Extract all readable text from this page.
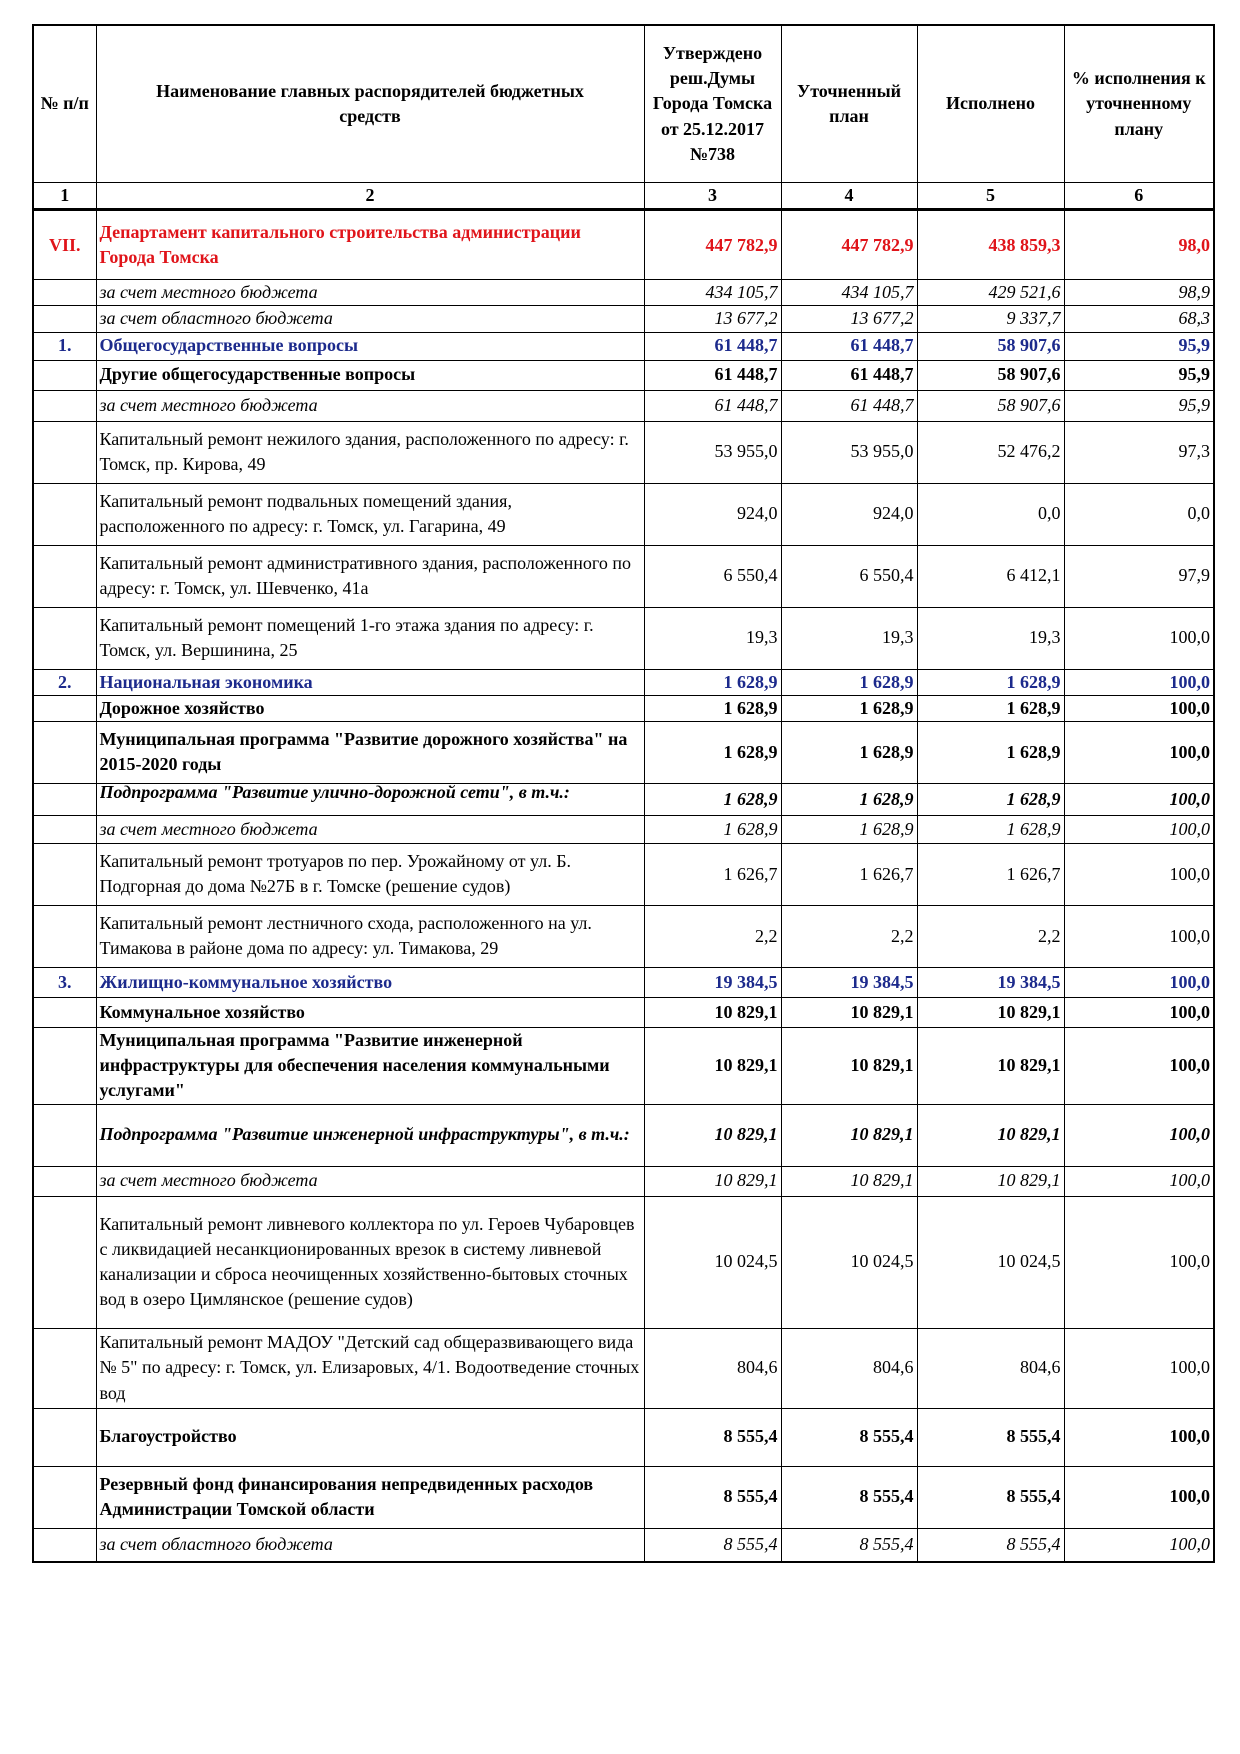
№ п/п	Наименование главных распорядителей бюджетных средств	Утверждено реш.Думы Города Томска от 25.12.2017 №738	Уточненный план	Исполнено	% исполнения к уточненному плану
1	2	3	4	5	6
VII.	Департамент капитального строительства администрации Города Томска	447 782,9	447 782,9	438 859,3	98,0
	за счет местного бюджета	434 105,7	434 105,7	429 521,6	98,9
	за счет областного бюджета	13 677,2	13 677,2	9 337,7	68,3
1.	Общегосударственные вопросы	61 448,7	61 448,7	58 907,6	95,9
	Другие общегосударственные вопросы	61 448,7	61 448,7	58 907,6	95,9
	за счет местного бюджета	61 448,7	61 448,7	58 907,6	95,9
	Капитальный ремонт нежилого здания, расположенного по адресу: г. Томск, пр. Кирова, 49	53 955,0	53 955,0	52 476,2	97,3
	Капитальный ремонт подвальных помещений здания, расположенного по адресу: г. Томск, ул. Гагарина, 49	924,0	924,0	0,0	0,0
	Капитальный ремонт административного здания, расположенного по адресу: г. Томск, ул. Шевченко, 41а	6 550,4	6 550,4	6 412,1	97,9
	Капитальный ремонт помещений 1-го этажа здания по адресу: г. Томск, ул. Вершинина, 25	19,3	19,3	19,3	100,0
2.	Национальная экономика	1 628,9	1 628,9	1 628,9	100,0
	Дорожное хозяйство	1 628,9	1 628,9	1 628,9	100,0
	Муниципальная программа "Развитие дорожного хозяйства" на 2015-2020 годы	1 628,9	1 628,9	1 628,9	100,0

	Подпрограмма "Развитие улично-дорожной сети", в т.ч.:	1 628,9	1 628,9	1 628,9	100,0
	за счет местного бюджета	1 628,9	1 628,9	1 628,9	100,0
	Капитальный ремонт тротуаров по пер. Урожайному от ул. Б. Подгорная до дома №27Б в г. Томске (решение судов)	1 626,7	1 626,7	1 626,7	100,0
	Капитальный ремонт лестничного схода, расположенного на ул. Тимакова в районе дома по адресу: ул. Тимакова, 29	2,2	2,2	2,2	100,0
3.	Жилищно-коммунальное хозяйство	19 384,5	19 384,5	19 384,5	100,0
	Коммунальное хозяйство	10 829,1	10 829,1	10 829,1	100,0
	Муниципальная программа "Развитие инженерной инфраструктуры для обеспечения населения коммунальными услугами"	10 829,1	10 829,1	10 829,1	100,0
	Подпрограмма "Развитие инженерной инфраструктуры", в т.ч.:	10 829,1	10 829,1	10 829,1	100,0
	за счет местного бюджета	10 829,1	10 829,1	10 829,1	100,0
	Капитальный ремонт ливневого коллектора по ул. Героев Чубаровцев с ликвидацией несанкционированных врезок в систему ливневой канализации и сброса неочищенных хозяйственно-бытовых сточных вод в озеро Цимлянское (решение судов)	10 024,5	10 024,5	10 024,5	100,0
	Капитальный ремонт МАДОУ "Детский сад общеразвивающего вида № 5" по адресу: г. Томск, ул. Елизаровых, 4/1. Водоотведение сточных вод	804,6	804,6	804,6	100,0
	Благоустройство	8 555,4	8 555,4	8 555,4	100,0
	Резервный фонд финансирования непредвиденных расходов Администрации Томской области	8 555,4	8 555,4	8 555,4	100,0
	за счет областного бюджета	8 555,4	8 555,4	8 555,4	100,0
